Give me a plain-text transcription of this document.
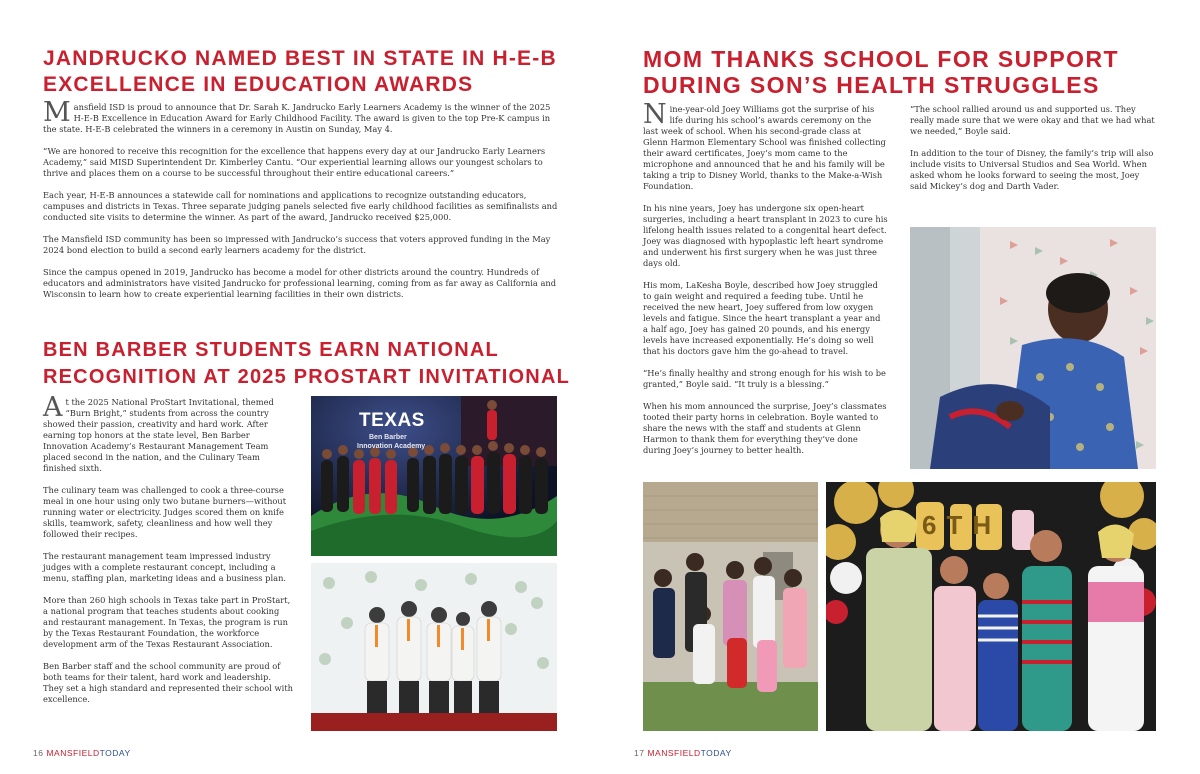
JANDRUCKO NAMED BEST IN STATE IN H-E-B EXCELLENCE IN EDUCATION AWARDS

Mansfield ISD is proud to announce that Dr. Sarah K. Jandrucko Early Learners Academy is the winner of the 2025 H-E-B Excellence in Education Award for Early Childhood Facility. The award is given to the top Pre-K campus in the state. H-E-B celebrated the winners in a ceremony in Austin on Sunday, May 4.

“We are honored to receive this recognition for the excellence that happens every day at our Jandrucko Early Learners Academy,” said MISD Superintendent Dr. Kimberley Cantu. “Our experiential learning allows our youngest scholars to thrive and places them on a course to be successful throughout their entire educational careers.”

Each year, H-E-B announces a statewide call for nominations and applications to recognize outstanding educators, campuses and districts in Texas. Three separate judging panels selected five early childhood facilities as semifinalists and conducted site visits to determine the winner. As part of the award, Jandrucko received $25,000.

The Mansfield ISD community has been so impressed with Jandrucko’s success that voters approved funding in the May 2024 bond election to build a second early learners academy for the district.

Since the campus opened in 2019, Jandrucko has become a model for other districts around the country. Hundreds of educators and administrators have visited Jandrucko for professional learning, coming from as far away as California and Wisconsin to learn how to create experiential learning facilities in their own districts.

BEN BARBER STUDENTS EARN NATIONAL RECOGNITION AT 2025 PROSTART INVITATIONAL

At the 2025 National ProStart Invitational, themed “Burn Bright,” students from across the country showed their passion, creativity and hard work. After earning top honors at the state level, Ben Barber Innovation Academy’s Restaurant Management Team placed second in the nation, and the Culinary Team finished sixth.

The culinary team was challenged to cook a three-course meal in one hour using only two butane burners—without running water or electricity. Judges scored them on knife skills, teamwork, safety, cleanliness and how well they followed their recipes.

The restaurant management team impressed industry judges with a complete restaurant concept, including a menu, staffing plan, marketing ideas and a business plan.

More than 260 high schools in Texas take part in ProStart, a national program that teaches students about cooking and restaurant management. In Texas, the program is run by the Texas Restaurant Foundation, the workforce development arm of the Texas Restaurant Association.

Ben Barber staff and the school community are proud of both teams for their talent, hard work and leadership. They set a high standard and represented their school with excellence.

TEXAS
Ben Barber
Innovation Academy
16 MANSFIELDTODAY
MOM THANKS SCHOOL FOR SUPPORT DURING SON’S HEALTH STRUGGLES

Nine-year-old Joey Williams got the surprise of his life during his school’s awards ceremony on the last week of school. When his second-grade class at Glenn Harmon Elementary School was finished collecting their award certificates, Joey’s mom came to the microphone and announced that he and his family will be taking a trip to Disney World, thanks to the Make-a-Wish Foundation.

In his nine years, Joey has undergone six open-heart surgeries, including a heart transplant in 2023 to cure his lifelong health issues related to a congenital heart defect. Joey was diagnosed with hypoplastic left heart syndrome and underwent his first surgery when he was just three days old.

His mom, LaKesha Boyle, described how Joey struggled to gain weight and required a feeding tube. Until he received the new heart, Joey suffered from low oxygen levels and fatigue. Since the heart transplant a year and a half ago, Joey has gained 20 pounds, and his energy levels have increased exponentially. He’s doing so well that his doctors gave him the go-ahead to travel.

“He’s finally healthy and strong enough for his wish to be granted,” Boyle said. “It truly is a blessing.”

When his mom announced the surprise, Joey’s classmates tooted their party horns in celebration. Boyle wanted to share the news with the staff and students at Glenn Harmon to thank them for everything they’ve done during Joey’s journey to better health.

“The school rallied around us and supported us. They really made sure that we were okay and that we had what we needed,” Boyle said.

In addition to the tour of Disney, the family’s trip will also include visits to Universal Studios and Sea World. When asked whom he looks forward to seeing the most, Joey said Mickey’s dog and Darth Vader.

6TH
17 MANSFIELDTODAY
